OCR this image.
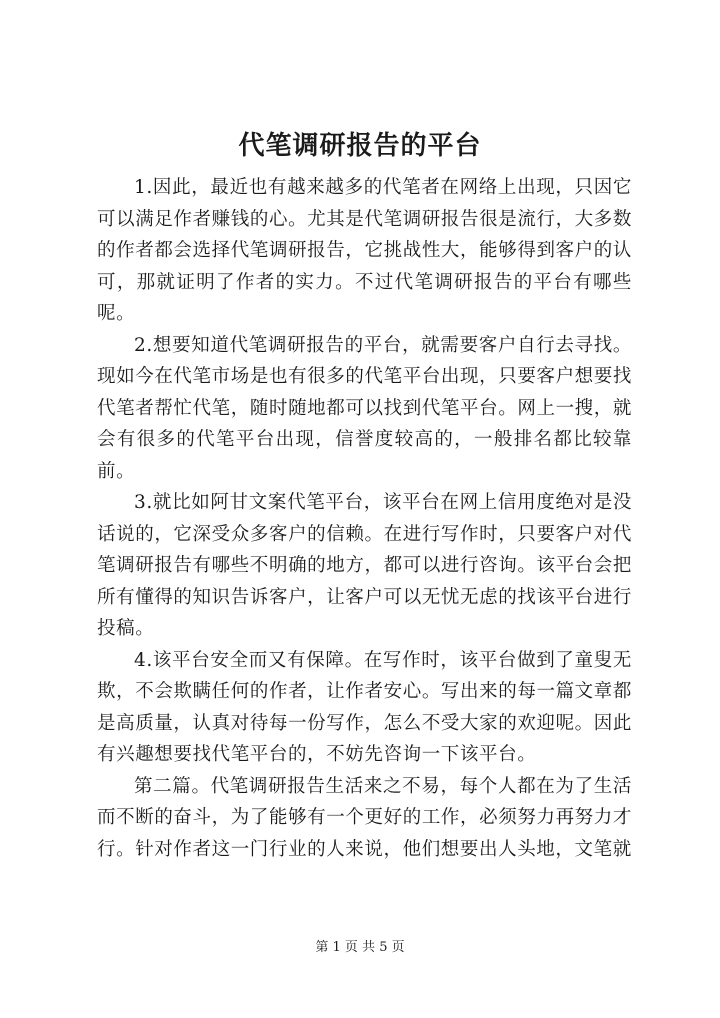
代笔调研报告的平台

1.因此，最近也有越来越多的代笔者在网络上出现，只因它可以满足作者赚钱的心。尤其是代笔调研报告很是流行，大多数的作者都会选择代笔调研报告，它挑战性大，能够得到客户的认可，那就证明了作者的实力。不过代笔调研报告的平台有哪些呢。

2.想要知道代笔调研报告的平台，就需要客户自行去寻找。现如今在代笔市场是也有很多的代笔平台出现，只要客户想要找代笔者帮忙代笔，随时随地都可以找到代笔平台。网上一搜，就会有很多的代笔平台出现，信誉度较高的，一般排名都比较靠前。

3.就比如阿甘文案代笔平台，该平台在网上信用度绝对是没话说的，它深受众多客户的信赖。在进行写作时，只要客户对代笔调研报告有哪些不明确的地方，都可以进行咨询。该平台会把所有懂得的知识告诉客户，让客户可以无忧无虑的找该平台进行投稿。

4.该平台安全而又有保障。在写作时，该平台做到了童叟无欺，不会欺瞒任何的作者，让作者安心。写出来的每一篇文章都是高质量，认真对待每一份写作，怎么不受大家的欢迎呢。因此有兴趣想要找代笔平台的，不妨先咨询一下该平台。

第二篇。代笔调研报告生活来之不易，每个人都在为了生活而不断的奋斗，为了能够有一个更好的工作，必须努力再努力才行。针对作者这一门行业的人来说，他们想要出人头地，文笔就

第 1 页 共 5 页
